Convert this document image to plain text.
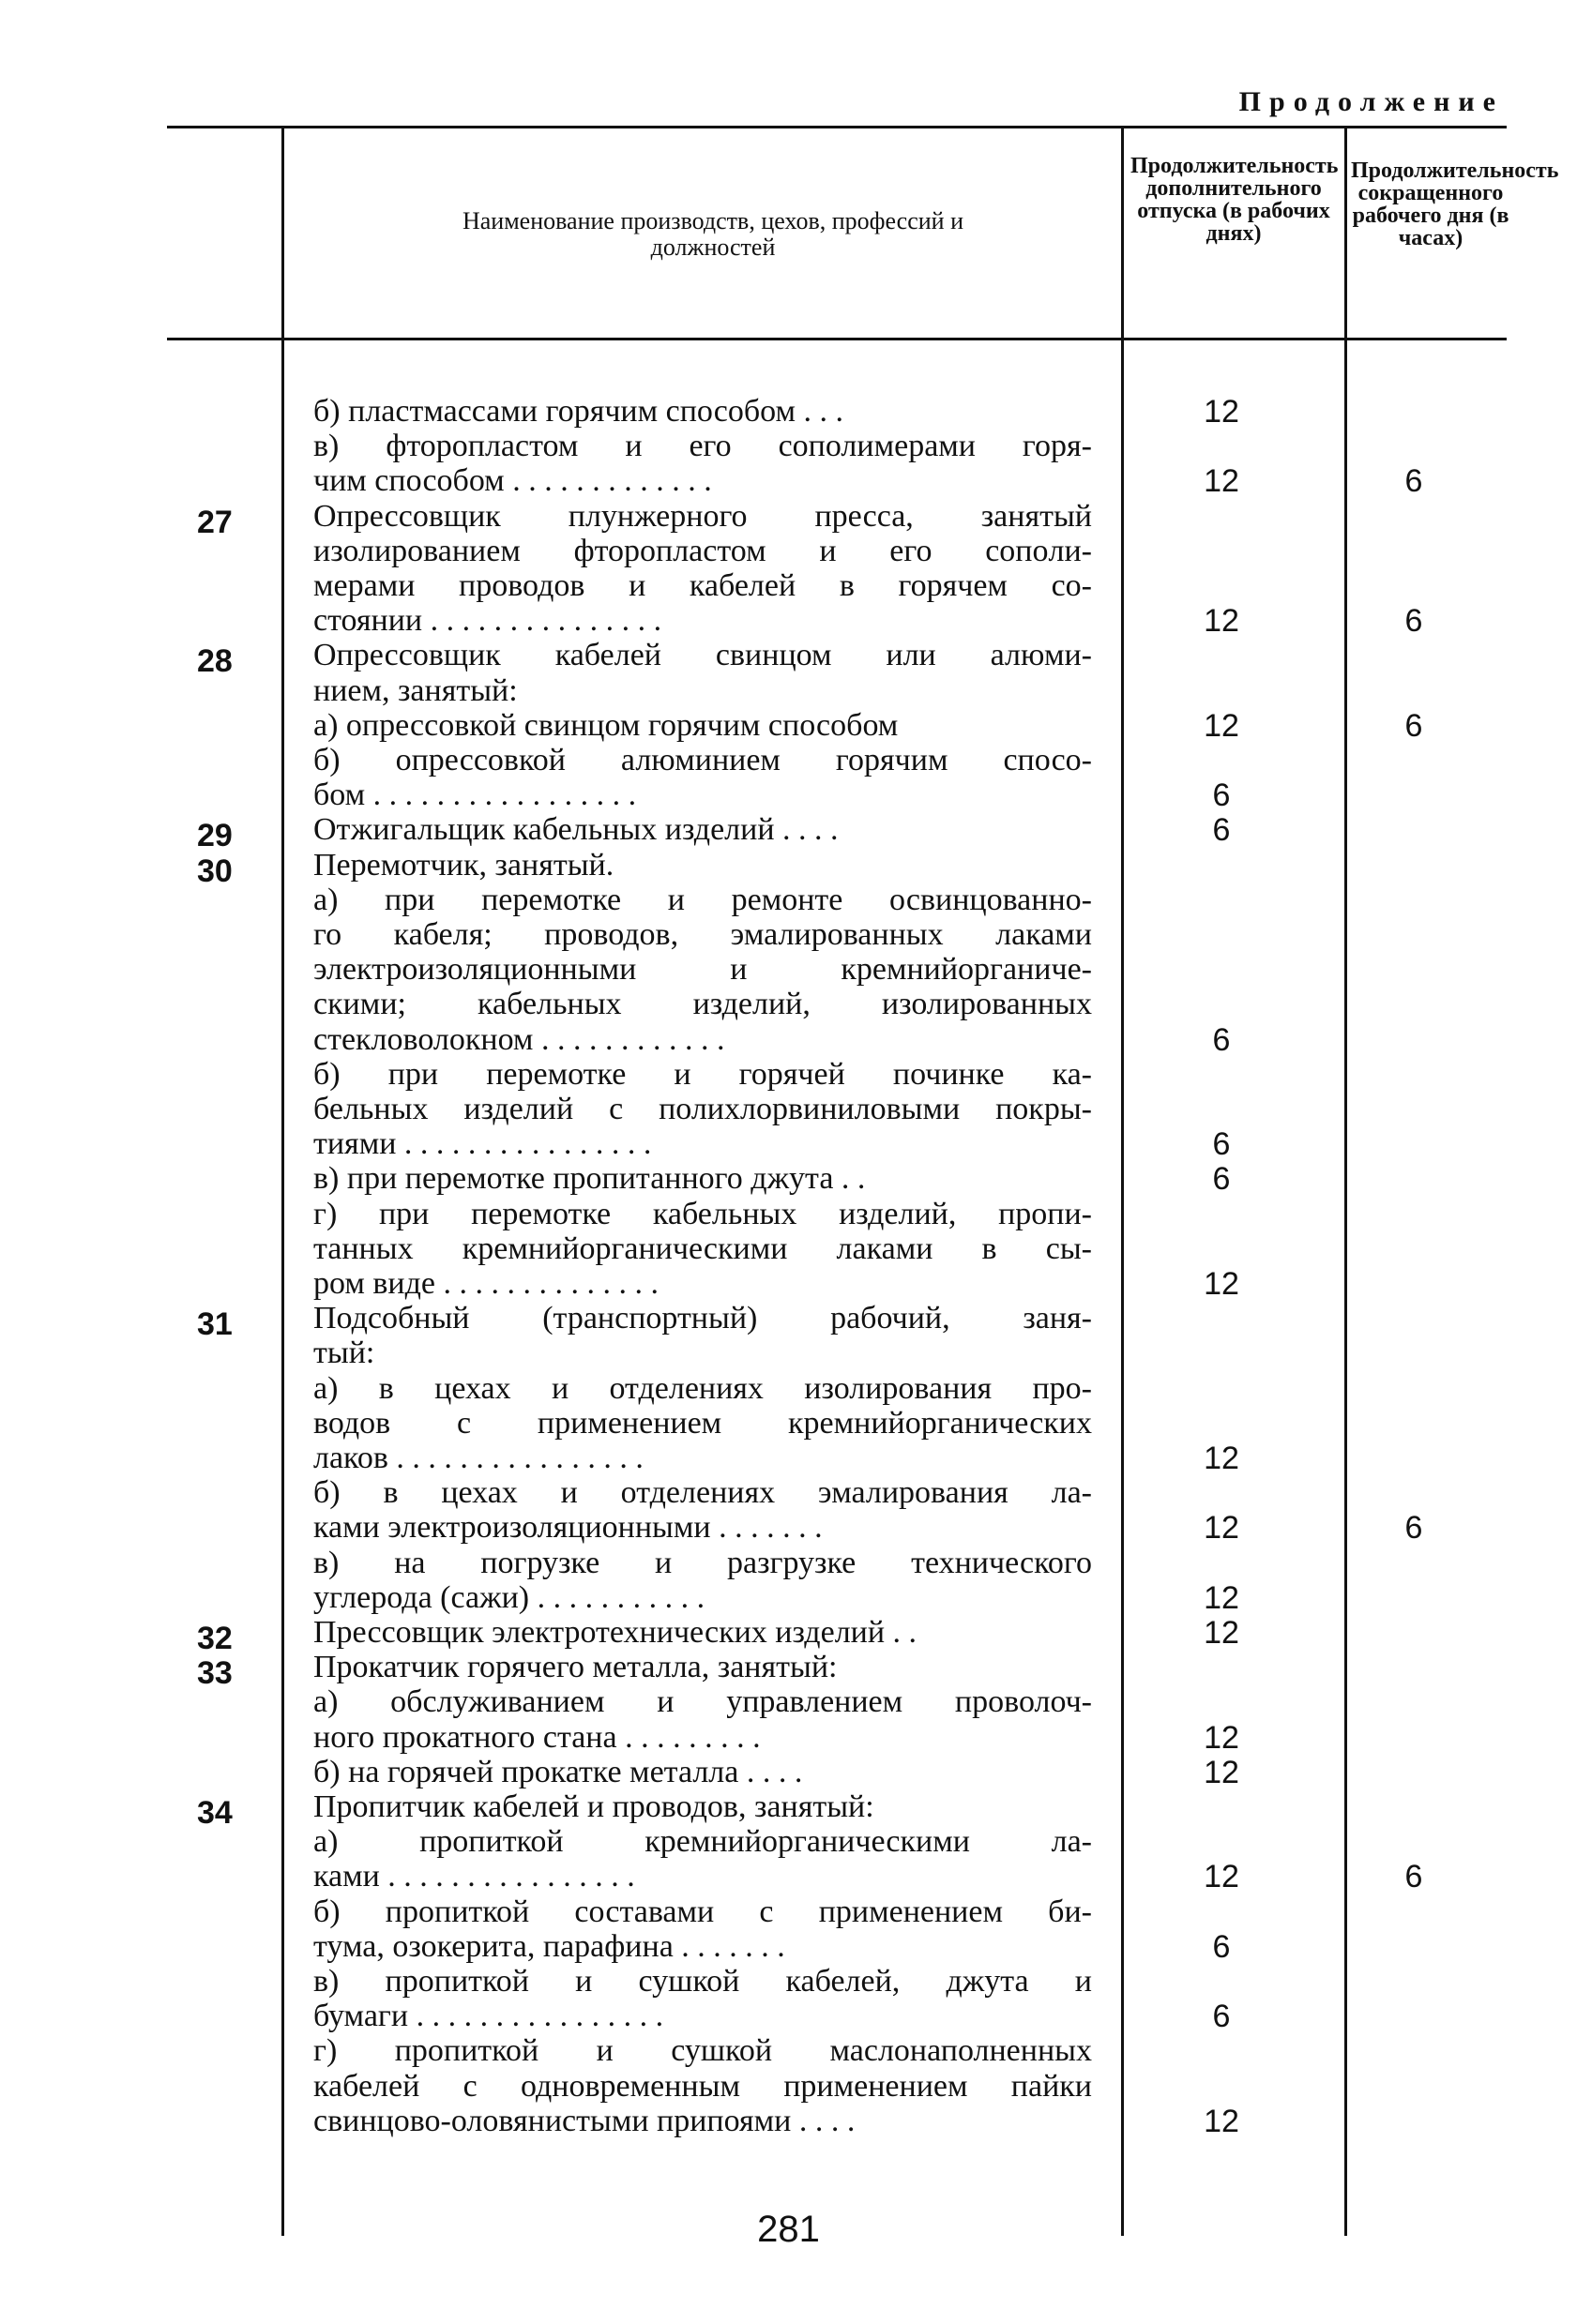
Продолжение
Наименование производств, цехов, профессий и должностей
Продолжительность дополнительного отпуска (в рабочих днях)
Продолжительность сокращенного рабочего дня (в часах)
б) пластмассами горячим способом . . .	12
в) фторопластом и его сополимерами горя-
чим способом . . . . . . . . . . . . .	12	6
27	Опрессовщик плунжерного пресса, занятый
изолированием фторопластом и его сопoли-
мерами проводов и кабелей в горячем со-
стоянии . . . . . . . . . . . . . . .	12	6
28	Опрессовщик кабелей свинцом или алюми-
нием, занятый:
а) опрессовкой свинцом горячим способом	12	6
б) опрессовкой алюминием горячим спосо-
бом . . . . . . . . . . . . . . . . .	6
29	Отжигальщик кабельных изделий . . . .	6
30	Перемотчик, занятый.
а) при перемотке и ремонте освинцованно-
го кабеля; проводов, эмалированных лаками
электроизоляционными и кремнийорганиче-
скими; кабельных изделий, изолированных
стекловолокном . . . . . . . . . . . .	6
б) при перемотке и горячей починке ка-
бельных изделий с полихлорвиниловыми покры-
тиями . . . . . . . . . . . . . . . .	6
в) при перемотке пропитанного джута . .	6
г) при перемотке кабельных изделий, пропи-
танных кремнийорганическими лаками в сы-
ром виде . . . . . . . . . . . . . .	12
31	Подсобный (транспортный) рабочий, заня-
тый:
а) в цехах и отделениях изолирования про-
водов с применением кремнийорганических
лаков . . . . . . . . . . . . . . . .	12
б) в цехах и отделениях эмалирования ла-
ками электроизоляционными . . . . . . .	12	6
в) на погрузке и разгрузке технического
углерода (сажи) . . . . . . . . . . .	12
32	Прессовщик электротехнических изделий . .	12
33	Прокатчик горячего металла, занятый:
а) обслуживанием и управлением проволоч-
ного прокатного стана . . . . . . . . .	12
б) на горячей прокатке металла . . . .	12
34	Пропитчик кабелей и проводов, занятый:
а) пропиткой кремнийорганическими ла-
ками . . . . . . . . . . . . . . . .	12	6
б) пропиткой составами с применением би-
тума, озокерита, парафина . . . . . . .	6
в) пропиткой и сушкой кабелей, джута и
бумаги . . . . . . . . . . . . . . . .	6
г) пропиткой и сушкой маслонаполненных
кабелей с одновременным применением пайки
свинцово-оловянистыми припоями . . . .	12
281
